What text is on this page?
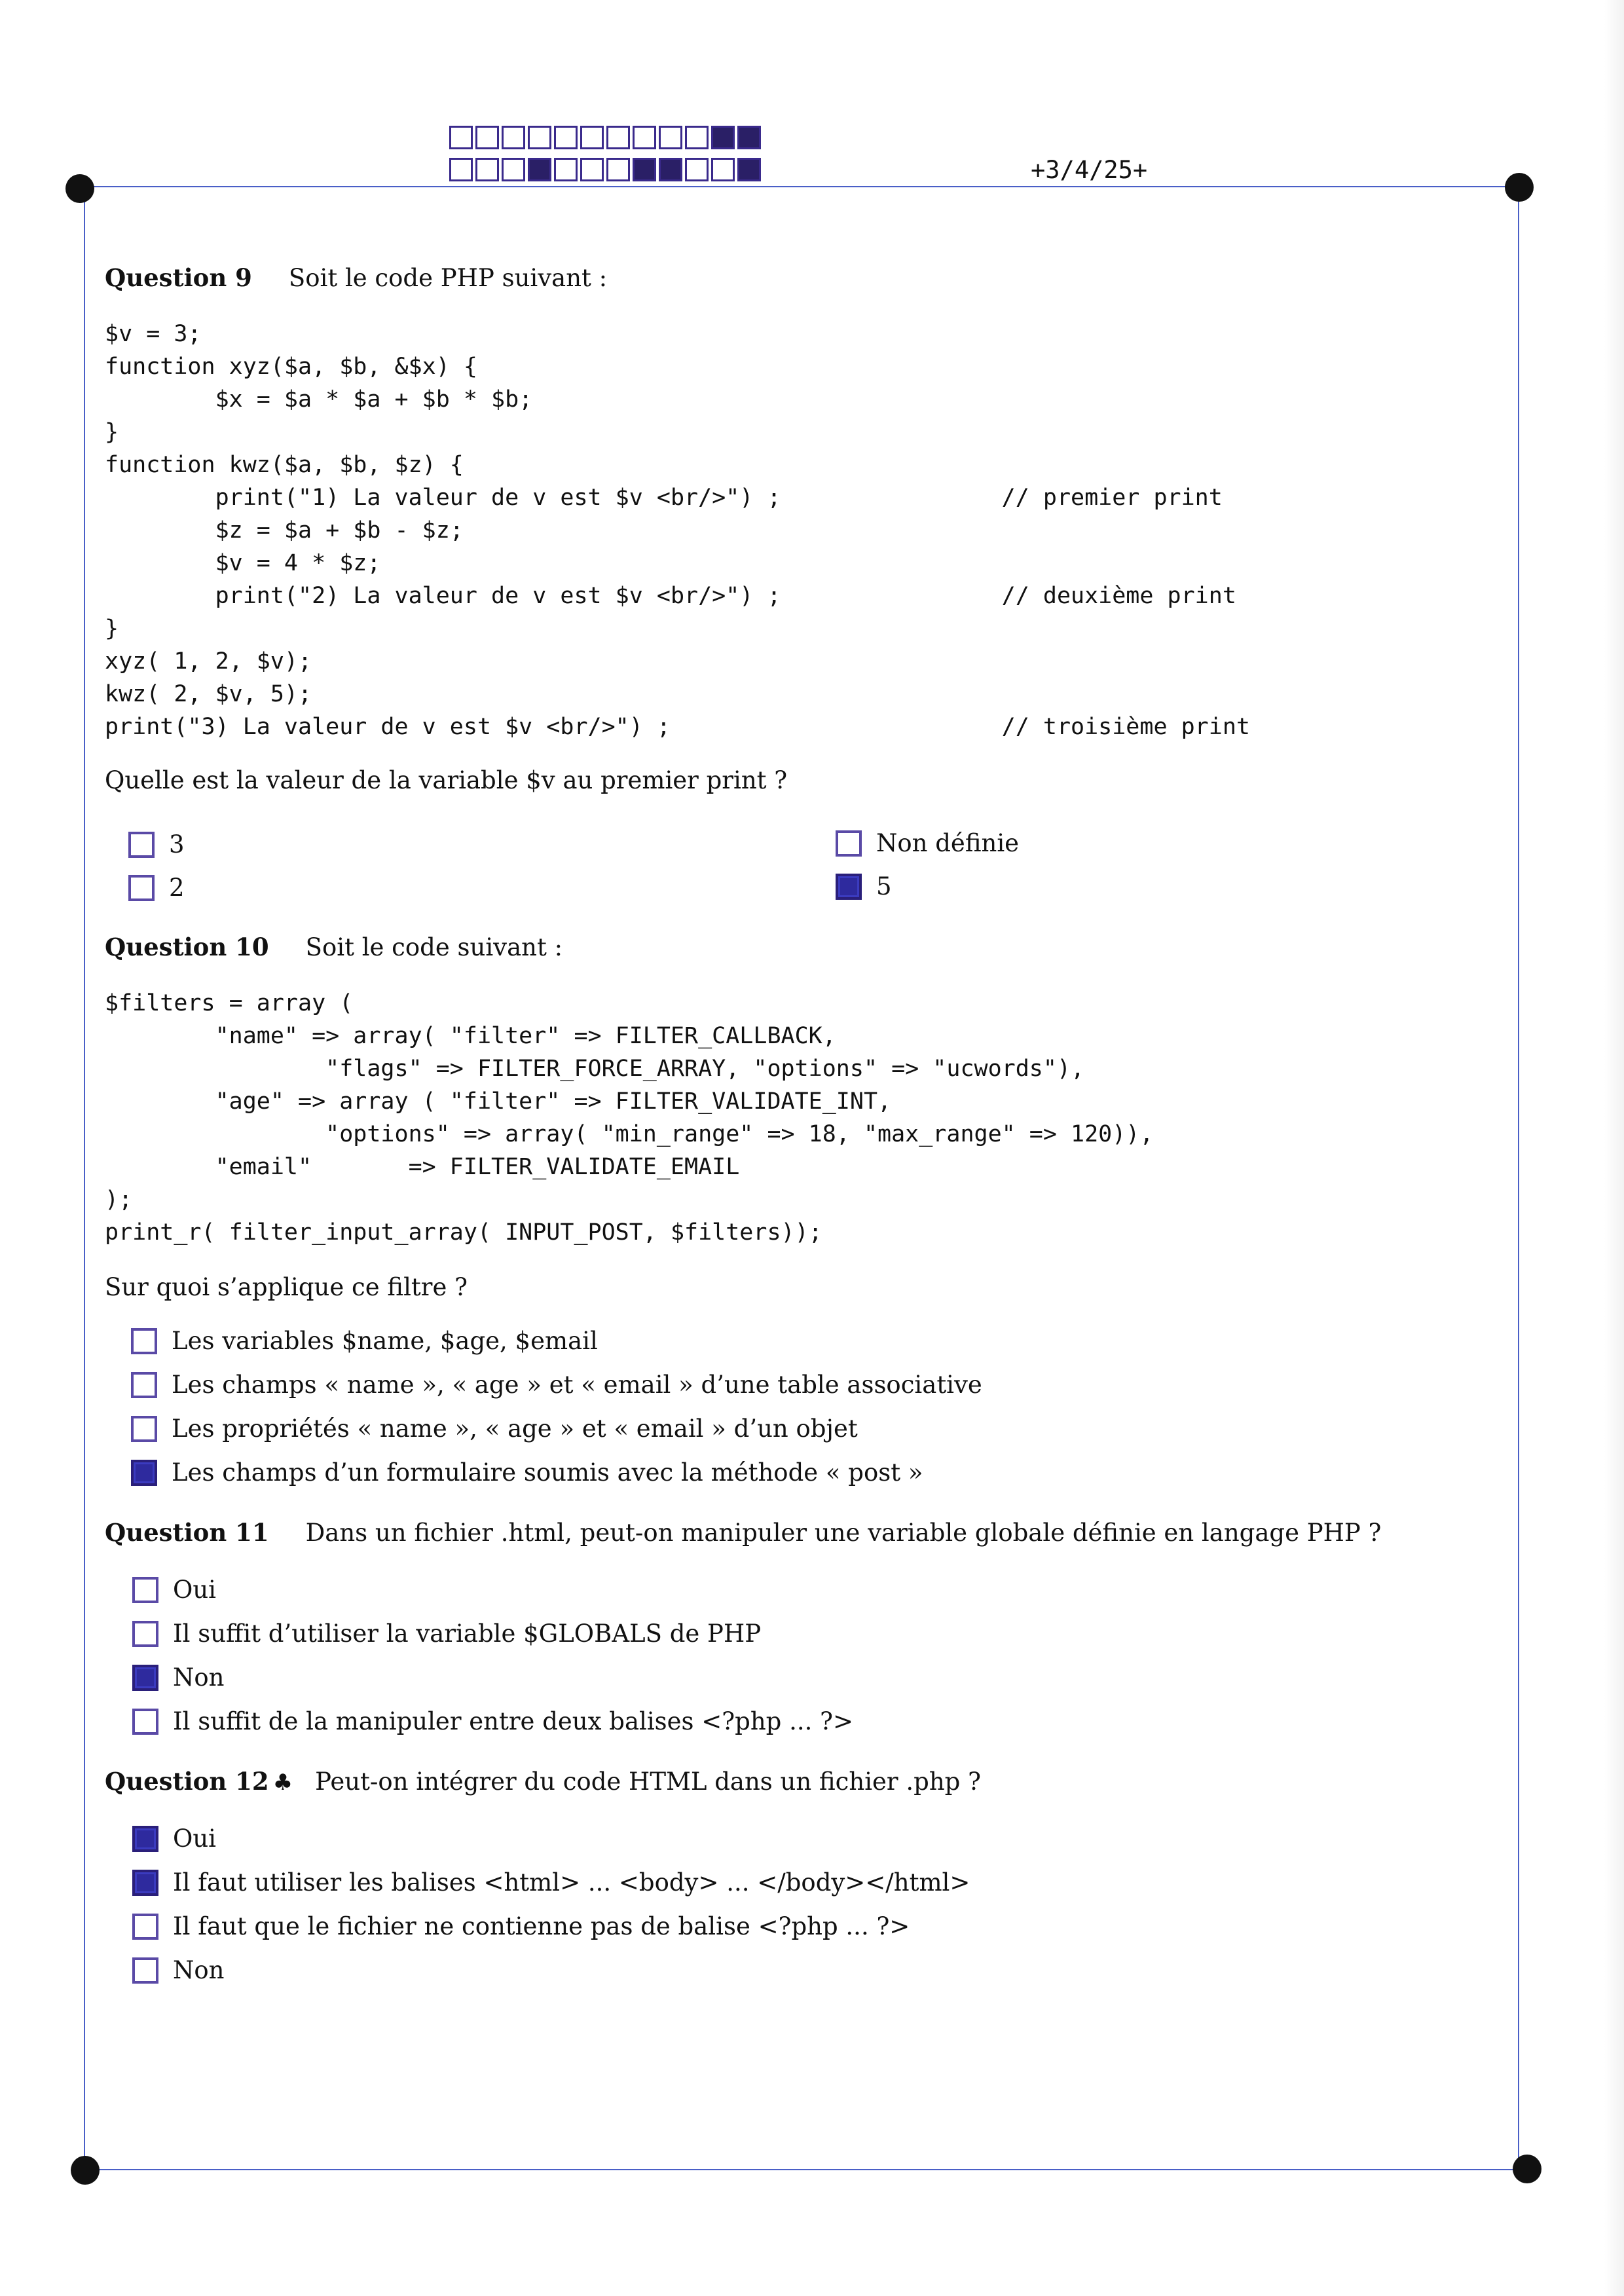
+3/4/25+
Question 9 Soit le code PHP suivant :
$v = 3;
function xyz($a, $b, &$x) {
$x = $a * $a + $b * $b;
}
function kwz($a, $b, $z) {
print("1) La valeur de v est $v <br/>") ;                // premier print
$z = $a + $b - $z;
$v = 4 * $z;
print("2) La valeur de v est $v <br/>") ;                // deuxième print
}
xyz( 1, 2, $v);
kwz( 2, $v, 5);
print("3) La valeur de v est $v <br/>") ;                        // troisième print
Quelle est la valeur de la variable $v au premier print ?
3
2
Non définie
5
Question 10 Soit le code suivant :
$filters = array (
"name" => array( "filter" => FILTER_CALLBACK,
"flags" => FILTER_FORCE_ARRAY, "options" => "ucwords"),
"age" => array ( "filter" => FILTER_VALIDATE_INT,
"options" => array( "min_range" => 18, "max_range" => 120)),
"email"       => FILTER_VALIDATE_EMAIL
);
print_r( filter_input_array( INPUT_POST, $filters));
Sur quoi s’applique ce filtre ?
Les variables $name, $age, $email
Les champs « name », « age » et « email » d’une table associative
Les propriétés « name », « age » et « email » d’un objet
Les champs d’un formulaire soumis avec la méthode « post »
Question 11 Dans un fichier .html, peut-on manipuler une variable globale définie en langage PHP ?
Oui
Il suffit d’utiliser la variable $GLOBALS de PHP
Non
Il suffit de la manipuler entre deux balises <?php ... ?>
Question 12 ♣ Peut-on intégrer du code HTML dans un fichier .php ?
Oui
Il faut utiliser les balises <html> ... <body> ... </body></html>
Il faut que le fichier ne contienne pas de balise <?php ... ?>
Non
